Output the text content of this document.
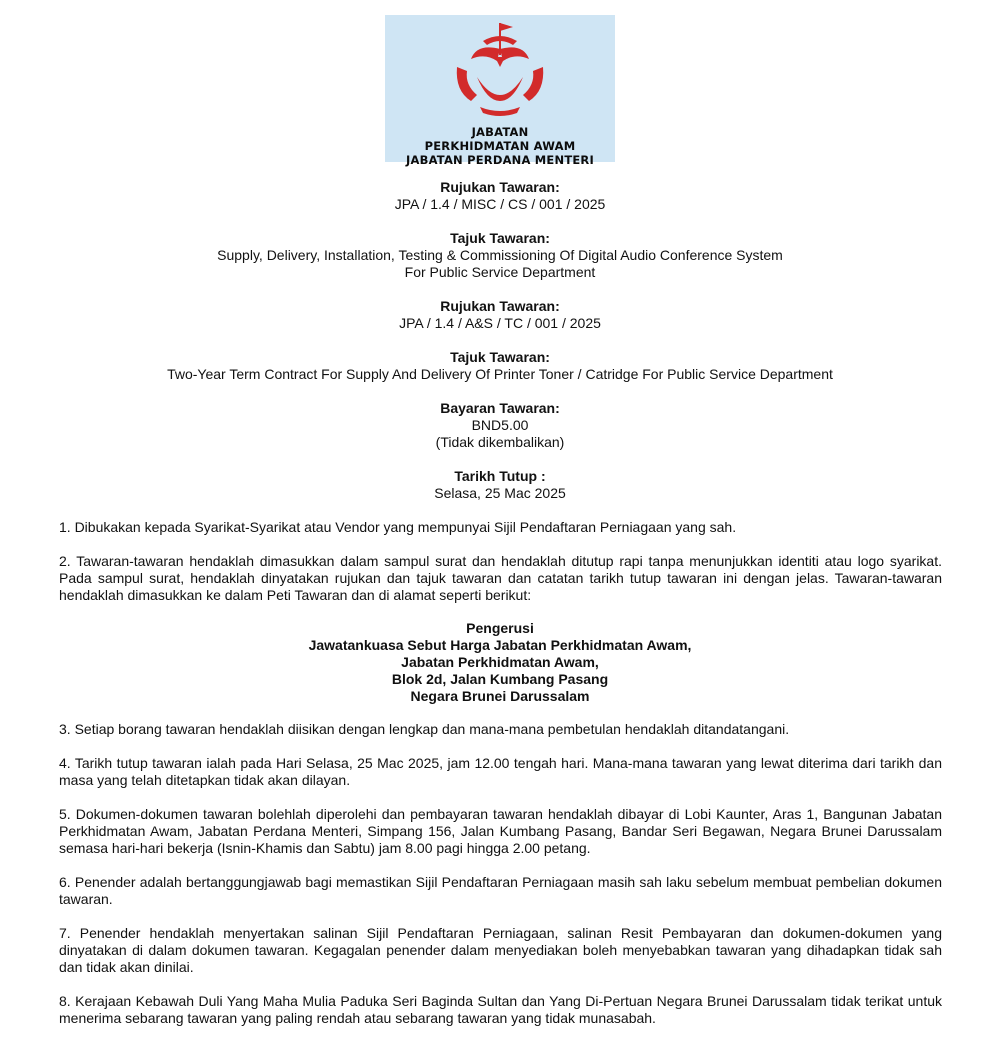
JABATAN
PERKHIDMATAN AWAM
JABATAN PERDANA MENTERI
Rujukan Tawaran:
JPA / 1.4 / MISC / CS / 001 / 2025
Tajuk Tawaran:
Supply, Delivery, Installation, Testing & Commissioning Of Digital Audio Conference System
For Public Service Department
Rujukan Tawaran:
JPA / 1.4 / A&S / TC / 001 / 2025
Tajuk Tawaran:
Two-Year Term Contract For Supply And Delivery Of Printer Toner / Catridge For Public Service Department
Bayaran Tawaran:
BND5.00
(Tidak dikembalikan)
Tarikh Tutup :
Selasa, 25 Mac 2025
1. Dibukakan kepada Syarikat-Syarikat atau Vendor yang mempunyai Sijil Pendaftaran Perniagaan yang sah.
2. Tawaran-tawaran hendaklah dimasukkan dalam sampul surat dan hendaklah ditutup rapi tanpa menunjukkan identiti atau logo syarikat. Pada sampul surat, hendaklah dinyatakan rujukan dan tajuk tawaran dan catatan tarikh tutup tawaran ini dengan jelas. Tawaran-tawaran hendaklah dimasukkan ke dalam Peti Tawaran dan di alamat seperti berikut:
Pengerusi
Jawatankuasa Sebut Harga Jabatan Perkhidmatan Awam,
Jabatan Perkhidmatan Awam,
Blok 2d, Jalan Kumbang Pasang
Negara Brunei Darussalam
3. Setiap borang tawaran hendaklah diisikan dengan lengkap dan mana-mana pembetulan hendaklah ditandatangani.
4. Tarikh tutup tawaran ialah pada Hari Selasa, 25 Mac 2025, jam 12.00 tengah hari. Mana-mana tawaran yang lewat diterima dari tarikh dan masa yang telah ditetapkan tidak akan dilayan.
5. Dokumen-dokumen tawaran bolehlah diperolehi dan pembayaran tawaran hendaklah dibayar di Lobi Kaunter, Aras 1, Bangunan Jabatan Perkhidmatan Awam, Jabatan Perdana Menteri, Simpang 156, Jalan Kumbang Pasang, Bandar Seri Begawan, Negara Brunei Darussalam semasa hari-hari bekerja (Isnin-Khamis dan Sabtu) jam 8.00 pagi hingga 2.00 petang.
6. Penender adalah bertanggungjawab bagi memastikan Sijil Pendaftaran Perniagaan masih sah laku sebelum membuat pembelian dokumen tawaran.
7. Penender hendaklah menyertakan salinan Sijil Pendaftaran Perniagaan, salinan Resit Pembayaran dan dokumen-dokumen yang dinyatakan di dalam dokumen tawaran. Kegagalan penender dalam menyediakan boleh menyebabkan tawaran yang dihadapkan tidak sah dan tidak akan dinilai.
8. Kerajaan Kebawah Duli Yang Maha Mulia Paduka Seri Baginda Sultan dan Yang Di-Pertuan Negara Brunei Darussalam tidak terikat untuk menerima sebarang tawaran yang paling rendah atau sebarang tawaran yang tidak munasabah.
